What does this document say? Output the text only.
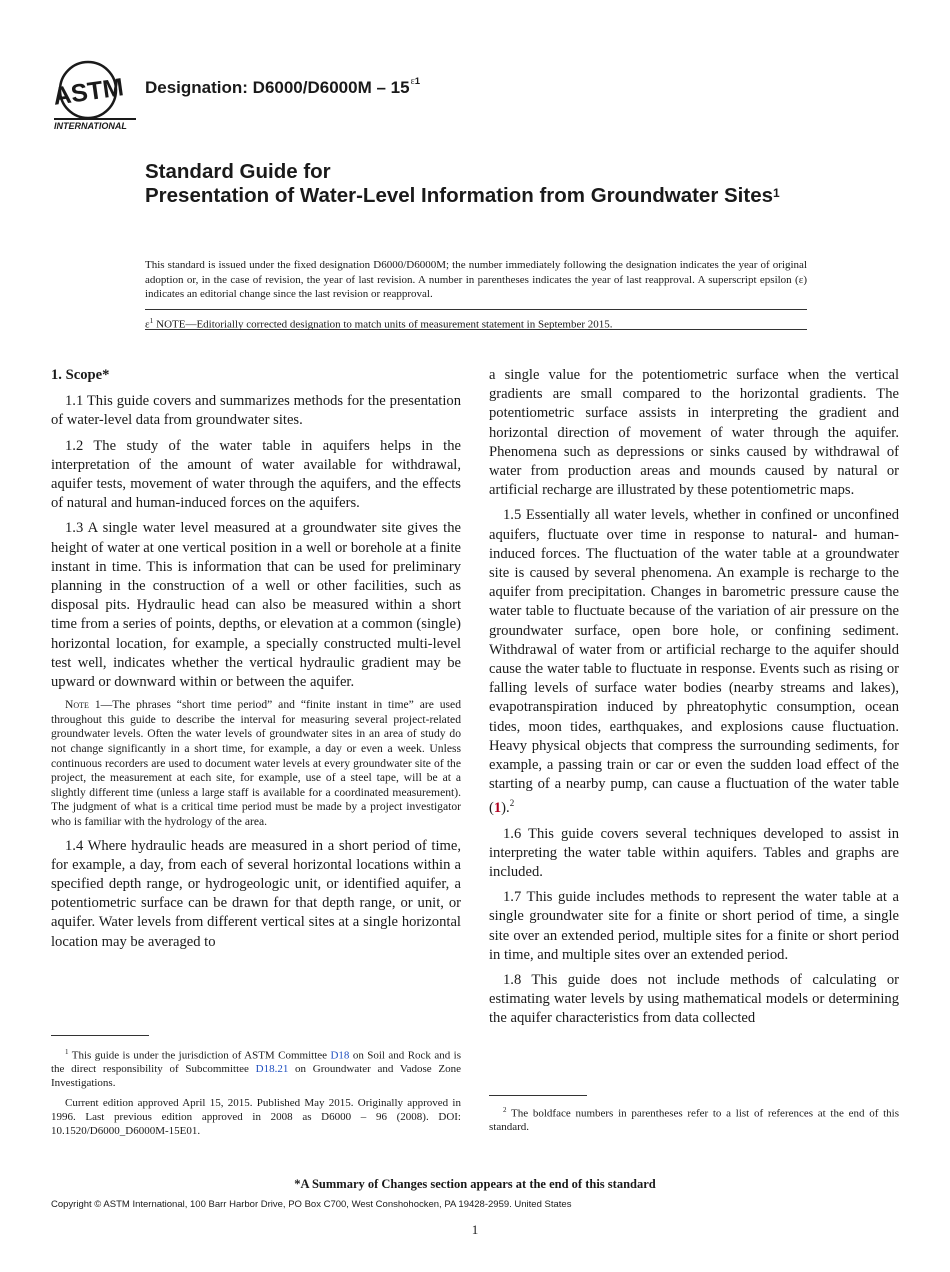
ASTM
INTERNATIONAL
Designation: $D6000/D6000M - 15^{\varepsilon 1}$
Standard Guide for
Presentation of Water-Level Information from Groundwater Sites$^1$
This standard is issued under the fixed designation D6000/D6000M; the number immediately following the designation indicates the year of original adoption or, in the case of revision, the year of last revision. A number in parentheses indicates the year of last reapproval. A superscript epsilon (ε) indicates an editorial change since the last revision or reapproval.
$\varepsilon^1$ NOTE—Editorially corrected designation to match units of measurement statement in September 2015.

1. Scope*

1.1 This guide covers and summarizes methods for the presentation of water-level data from groundwater sites.

1.2 The study of the water table in aquifers helps in the interpretation of the amount of water available for withdrawal, aquifer tests, movement of water through the aquifers, and the effects of natural and human-induced forces on the aquifers.

1.3 A single water level measured at a groundwater site gives the height of water at one vertical position in a well or borehole at a finite instant in time. This is information that can be used for preliminary planning in the construction of a well or other facilities, such as disposal pits. Hydraulic head can also be measured within a short time from a series of points, depths, or elevation at a common (single) horizontal location, for example, a specially constructed multi-level test well, indicates whether the vertical hydraulic gradient may be upward or downward within or between the aquifer.

Note 1—The phrases “short time period” and “finite instant in time” are used throughout this guide to describe the interval for measuring several project-related groundwater levels. Often the water levels of groundwater sites in an area of study do not change significantly in a short time, for example, a day or even a week. Unless continuous recorders are used to document water levels at every groundwater site of the project, the measurement at each site, for example, use of a steel tape, will be at a slightly different time (unless a large staff is available for a coordinated measurement). The judgment of what is a critical time period must be made by a project investigator who is familiar with the hydrology of the area.

1.4 Where hydraulic heads are measured in a short period of time, for example, a day, from each of several horizontal locations within a specified depth range, or hydrogeologic unit, or identified aquifer, a potentiometric surface can be drawn for that depth range, or unit, or aquifer. Water levels from different vertical sites at a single horizontal location may be averaged to

$^1$ This guide is under the jurisdiction of ASTM Committee D18 on Soil and Rock and is the direct responsibility of Subcommittee D18.21 on Groundwater and Vadose Zone Investigations.

Current edition approved April 15, 2015. Published May 2015. Originally approved in 1996. Last previous edition approved in 2008 as D6000 – 96 (2008). DOI: 10.1520/D6000_D6000M-15E01.

a single value for the potentiometric surface when the vertical gradients are small compared to the horizontal gradients. The potentiometric surface assists in interpreting the gradient and horizontal direction of movement of water through the aquifer. Phenomena such as depressions or sinks caused by withdrawal of water from production areas and mounds caused by natural or artificial recharge are illustrated by these potentiometric maps.

1.5 Essentially all water levels, whether in confined or unconfined aquifers, fluctuate over time in response to natural- and human-induced forces. The fluctuation of the water table at a groundwater site is caused by several phenomena. An example is recharge to the aquifer from precipitation. Changes in barometric pressure cause the water table to fluctuate because of the variation of air pressure on the groundwater surface, open bore hole, or confining sediment. Withdrawal of water from or artificial recharge to the aquifer should cause the water table to fluctuate in response. Events such as rising or falling levels of surface water bodies (nearby streams and lakes), evapotranspiration induced by phreatophytic consumption, ocean tides, moon tides, earthquakes, and explosions cause fluctuation. Heavy physical objects that compress the surrounding sediments, for example, a passing train or car or even the sudden load effect of the starting of a nearby pump, can cause a fluctuation of the water table (1).$^2$

1.6 This guide covers several techniques developed to assist in interpreting the water table within aquifers. Tables and graphs are included.

1.7 This guide includes methods to represent the water table at a single groundwater site for a finite or short period of time, a single site over an extended period, multiple sites for a finite or short period in time, and multiple sites over an extended period.

1.8 This guide does not include methods of calculating or estimating water levels by using mathematical models or determining the aquifer characteristics from data collected

$^2$ The boldface numbers in parentheses refer to a list of references at the end of this standard.

*A Summary of Changes section appears at the end of this standard
Copyright © ASTM International, 100 Barr Harbor Drive, PO Box C700, West Conshohocken, PA 19428-2959. United States
1
